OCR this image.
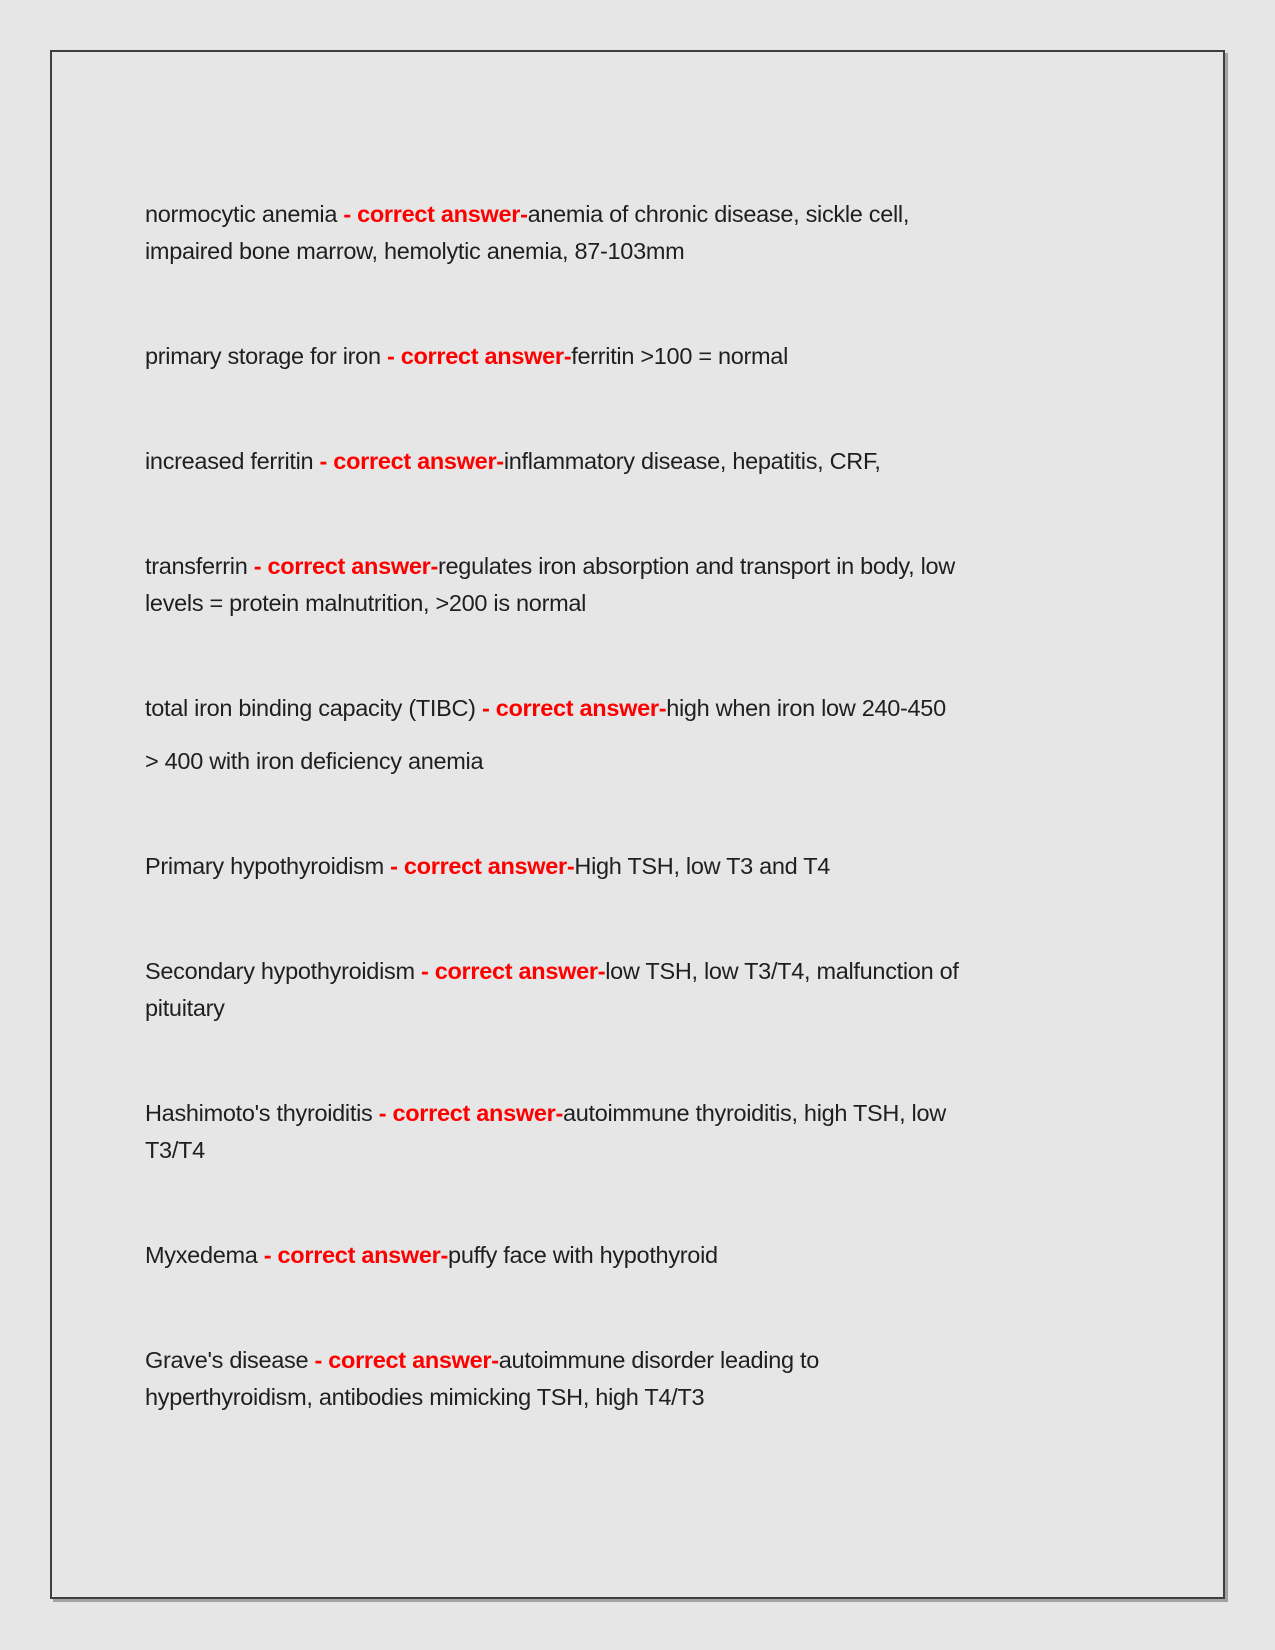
normocytic anemia - correct answer-anemia of chronic disease, sickle cell, impaired bone marrow, hemolytic anemia, 87-103mm

primary storage for iron - correct answer-ferritin >100 = normal

increased ferritin - correct answer-inflammatory disease, hepatitis, CRF,

transferrin - correct answer-regulates iron absorption and transport in body, low levels = protein malnutrition, >200 is normal

total iron binding capacity (TIBC) - correct answer-high when iron low 240-450

> 400 with iron deficiency anemia

Primary hypothyroidism - correct answer-High TSH, low T3 and T4

Secondary hypothyroidism - correct answer-low TSH, low T3/T4, malfunction of pituitary

Hashimoto's thyroiditis - correct answer-autoimmune thyroiditis, high TSH, low T3/T4

Myxedema - correct answer-puffy face with hypothyroid

Grave's disease - correct answer-autoimmune disorder leading to hyperthyroidism, antibodies mimicking TSH, high T4/T3
